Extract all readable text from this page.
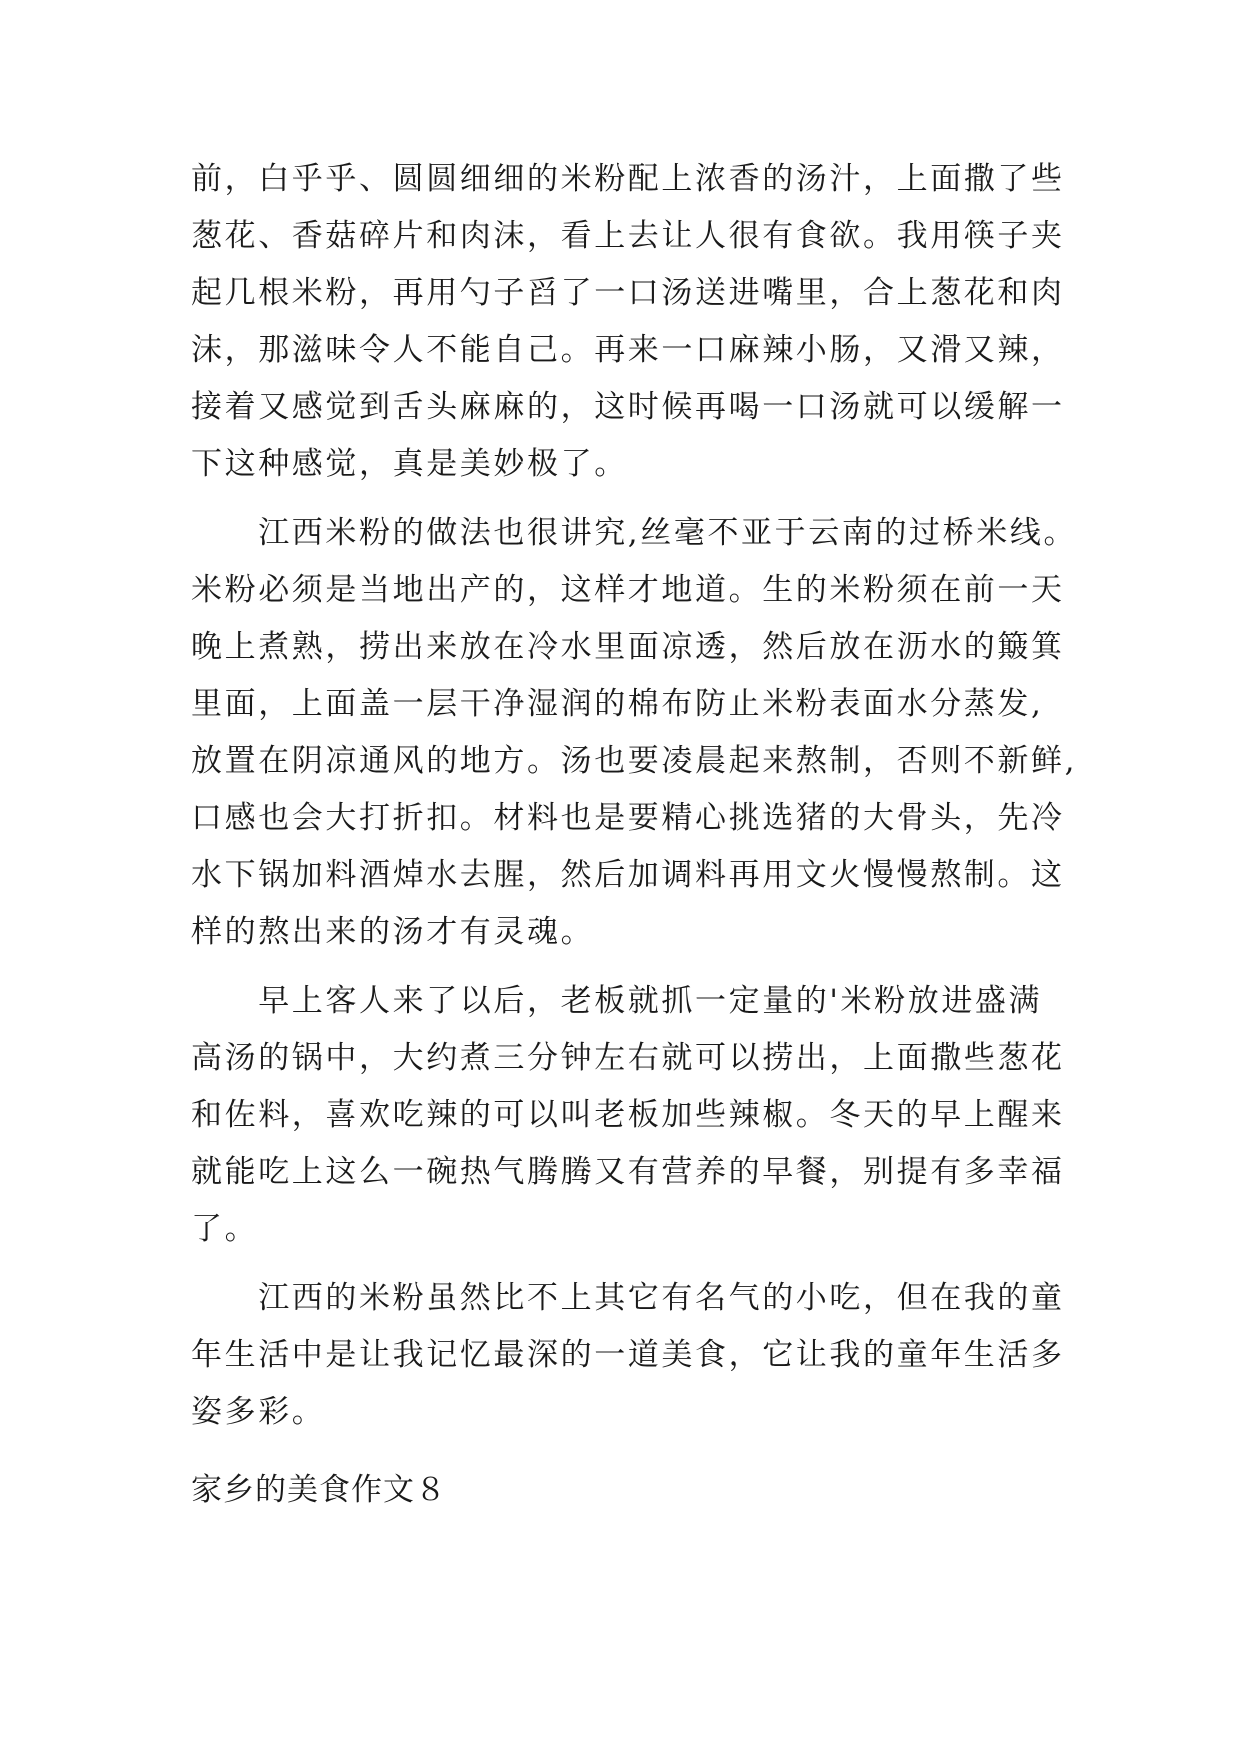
前，白乎乎、圆圆细细的米粉配上浓香的汤汁，上面撒了些
葱花、香菇碎片和肉沫，看上去让人很有食欲。我用筷子夹
起几根米粉，再用勺子舀了一口汤送进嘴里，合上葱花和肉
沫，那滋味令人不能自己。再来一口麻辣小肠，又滑又辣，
接着又感觉到舌头麻麻的，这时候再喝一口汤就可以缓解一
下这种感觉，真是美妙极了。
　　江西米粉的做法也很讲究,丝毫不亚于云南的过桥米线。
米粉必须是当地出产的，这样才地道。生的米粉须在前一天
晚上煮熟，捞出来放在冷水里面凉透，然后放在沥水的簸箕
里面，上面盖一层干净湿润的棉布防止米粉表面水分蒸发,
放置在阴凉通风的地方。汤也要凌晨起来熬制，否则不新鲜,
口感也会大打折扣。材料也是要精心挑选猪的大骨头，先冷
水下锅加料酒焯水去腥，然后加调料再用文火慢慢熬制。这
样的熬出来的汤才有灵魂。
　　早上客人来了以后，老板就抓一定量的'米粉放进盛满
高汤的锅中，大约煮三分钟左右就可以捞出，上面撒些葱花
和佐料，喜欢吃辣的可以叫老板加些辣椒。冬天的早上醒来
就能吃上这么一碗热气腾腾又有营养的早餐，别提有多幸福
了。
　　江西的米粉虽然比不上其它有名气的小吃，但在我的童
年生活中是让我记忆最深的一道美食，它让我的童年生活多
姿多彩。
家乡的美食作文８
